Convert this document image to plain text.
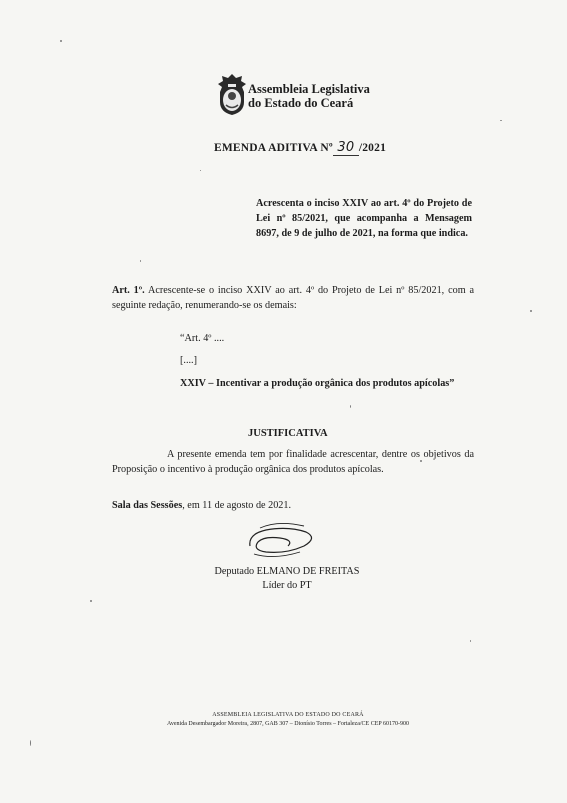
Assembleia Legislativa
do Estado do Ceará
EMENDA ADITIVA Nº 30 /2021
Acrescenta o inciso XXIV ao art. 4º do Projeto de Lei nº 85/2021, que acompanha a Mensagem 8697, de 9 de julho de 2021, na forma que indica.
Art. 1º. Acrescente-se o inciso XXIV ao art. 4º do Projeto de Lei nº 85/2021, com a seguinte redação, renumerando-se os demais:
“Art. 4º ....
[....]
XXIV – Incentivar a produção orgânica dos produtos apícolas”
JUSTIFICATIVA
A presente emenda tem por finalidade acrescentar, dentre os objetivos da Proposição o incentivo à produção orgânica dos produtos apícolas.
Sala das Sessões, em 11 de agosto de 2021.
Deputado ELMANO DE FREITAS
Líder do PT
ASSEMBLEIA LEGISLATIVA DO ESTADO DO CEARÁ
Avenida Desembargador Moreira, 2807, GAB 307 – Dionísio Torres – Fortaleza/CE CEP 60170-900
